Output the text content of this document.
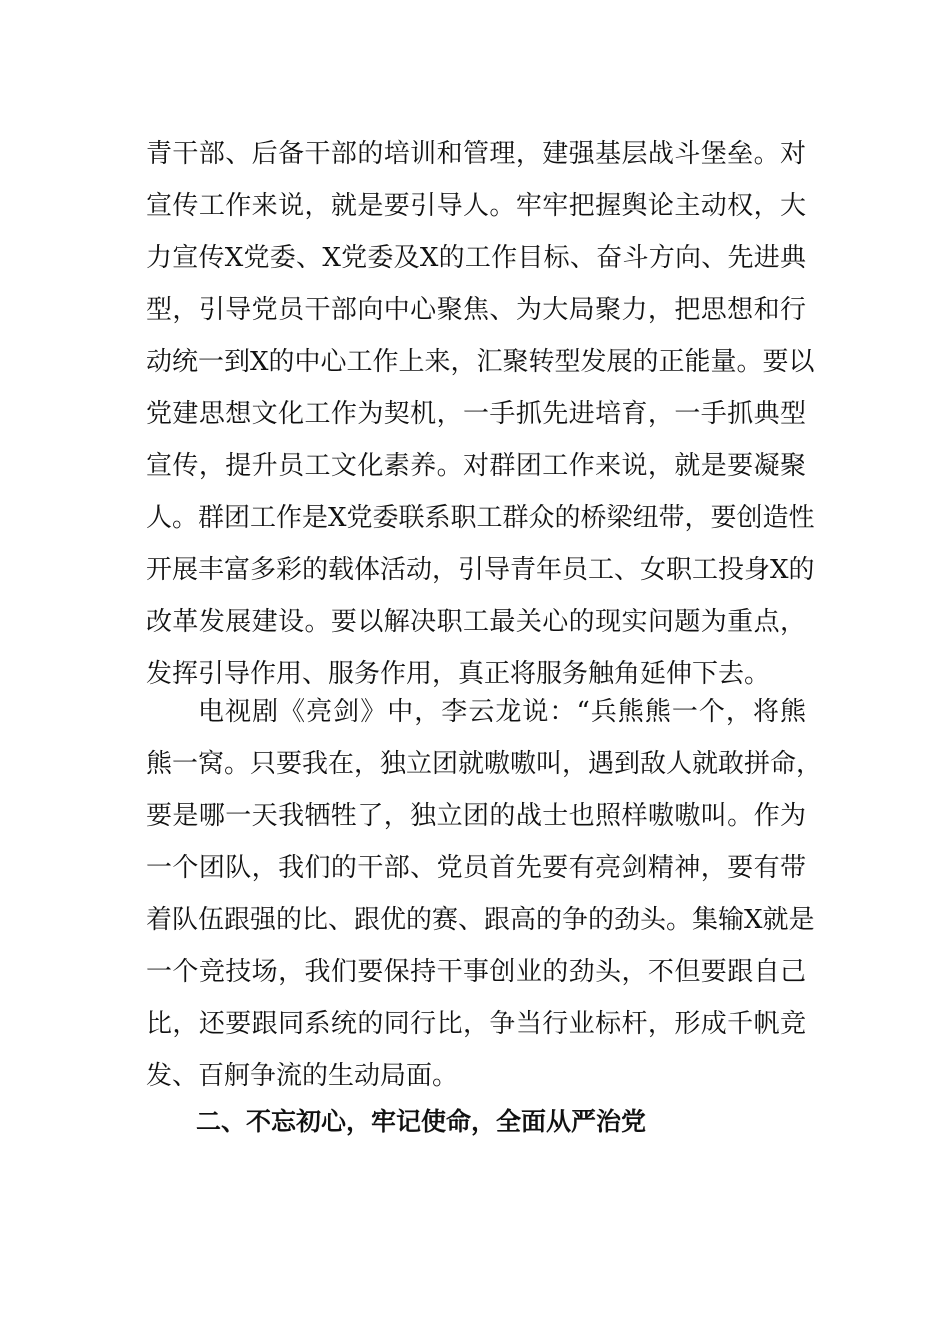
青干部、后备干部的培训和管理，建强基层战斗堡垒。对
宣传工作来说，就是要引导人。牢牢把握舆论主动权，大
力宣传X党委、X党委及X的工作目标、奋斗方向、先进典
型，引导党员干部向中心聚焦、为大局聚力，把思想和行
动统一到X的中心工作上来，汇聚转型发展的正能量。要以
党建思想文化工作为契机，一手抓先进培育，一手抓典型
宣传，提升员工文化素养。对群团工作来说，就是要凝聚
人。群团工作是X党委联系职工群众的桥梁纽带，要创造性
开展丰富多彩的载体活动，引导青年员工、女职工投身X的
改革发展建设。要以解决职工最关心的现实问题为重点，
发挥引导作用、服务作用，真正将服务触角延伸下去。
电视剧《亮剑》中，李云龙说：“兵熊熊一个，将熊
熊一窝。只要我在，独立团就嗷嗷叫，遇到敌人就敢拼命，
要是哪一天我牺牲了，独立团的战士也照样嗷嗷叫。作为
一个团队，我们的干部、党员首先要有亮剑精神，要有带
着队伍跟强的比、跟优的赛、跟高的争的劲头。集输X就是
一个竞技场，我们要保持干事创业的劲头，不但要跟自己
比，还要跟同系统的同行比，争当行业标杆，形成千帆竞
发、百舸争流的生动局面。
二、不忘初心，牢记使命，全面从严治党
